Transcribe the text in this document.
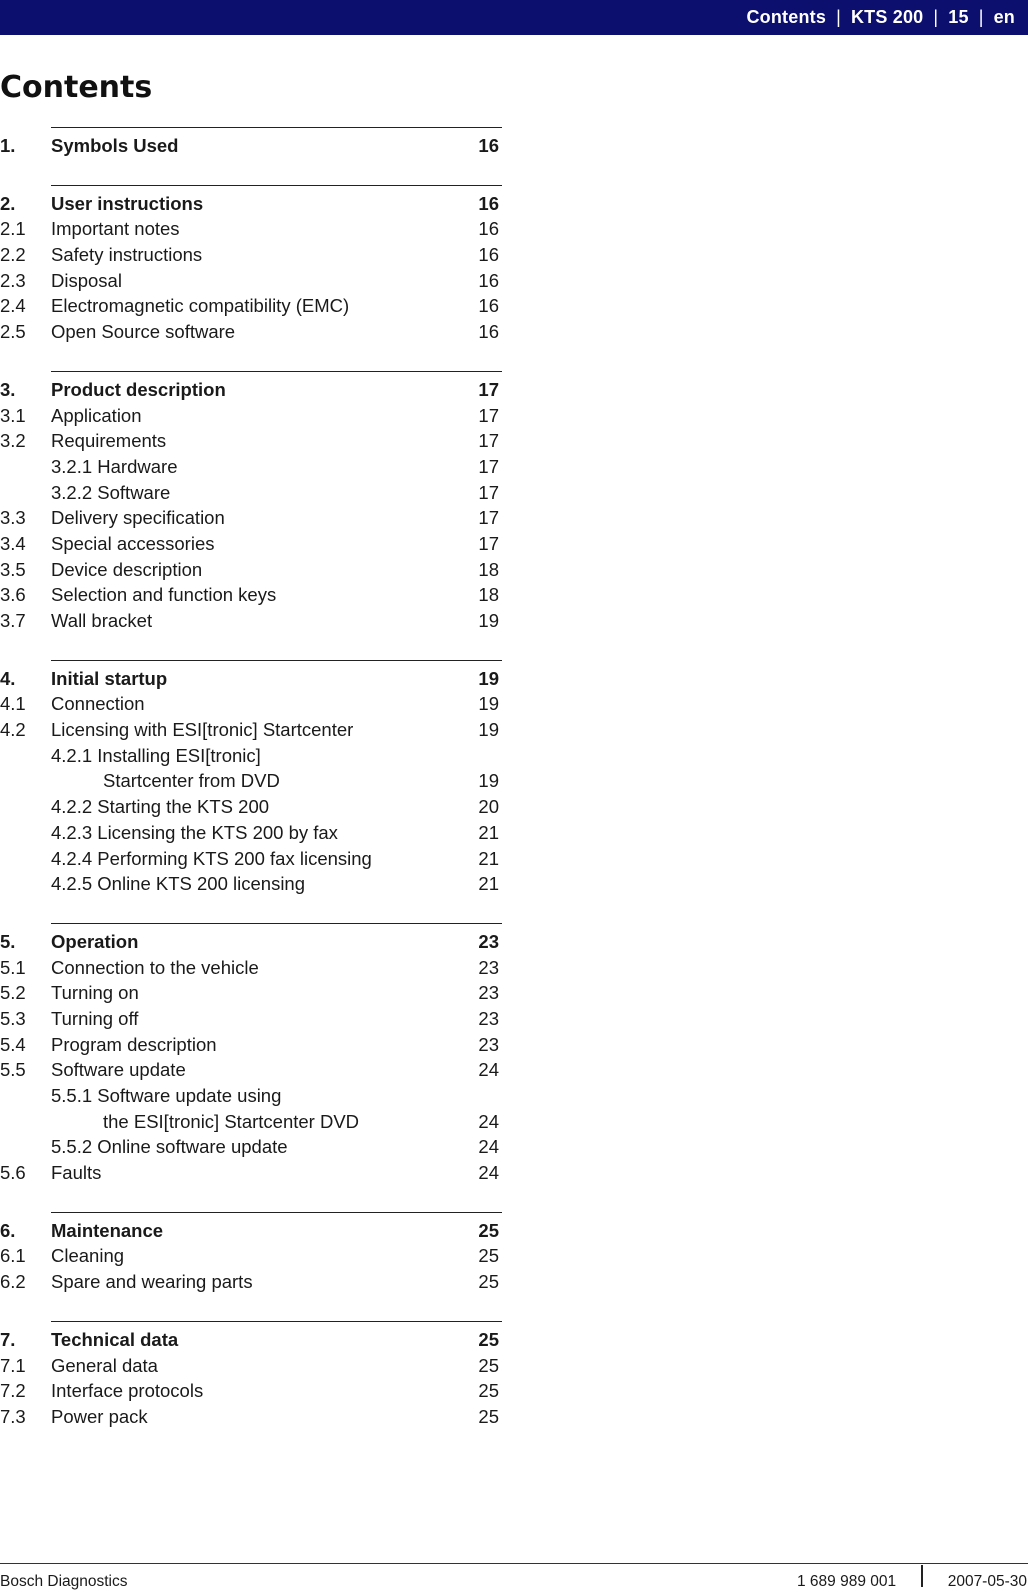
Contents | KTS 200 | 15 | en
Contents
1. Symbols Used	16
2. User instructions	16
2.1 Important notes	16
2.2 Safety instructions	16
2.3 Disposal	16
2.4 Electromagnetic compatibility (EMC)	16
2.5 Open Source software	16
3. Product description	17
3.1 Application	17
3.2 Requirements	17
3.2.1 Hardware	17
3.2.2 Software	17
3.3 Delivery specification	17
3.4 Special accessories	17
3.5 Device description	18
3.6 Selection and function keys	18
3.7 Wall bracket	19
4. Initial startup	19
4.1 Connection	19
4.2 Licensing with ESI[tronic] Startcenter	19
4.2.1 Installing ESI[tronic]
Startcenter from DVD	19
4.2.2 Starting the KTS 200	20
4.2.3 Licensing the KTS 200 by fax	21
4.2.4 Performing KTS 200 fax licensing	21
4.2.5 Online KTS 200 licensing	21
5. Operation	23
5.1 Connection to the vehicle	23
5.2 Turning on	23
5.3 Turning off	23
5.4 Program description	23
5.5 Software update	24
5.5.1 Software update using
the ESI[tronic] Startcenter DVD	24
5.5.2 Online software update	24
5.6 Faults	24
6. Maintenance	25
6.1 Cleaning	25
6.2 Spare and wearing parts	25
7. Technical data	25
7.1 General data	25
7.2 Interface protocols	25
7.3 Power pack	25
Bosch Diagnostics	1 689 989 001	2007-05-30
